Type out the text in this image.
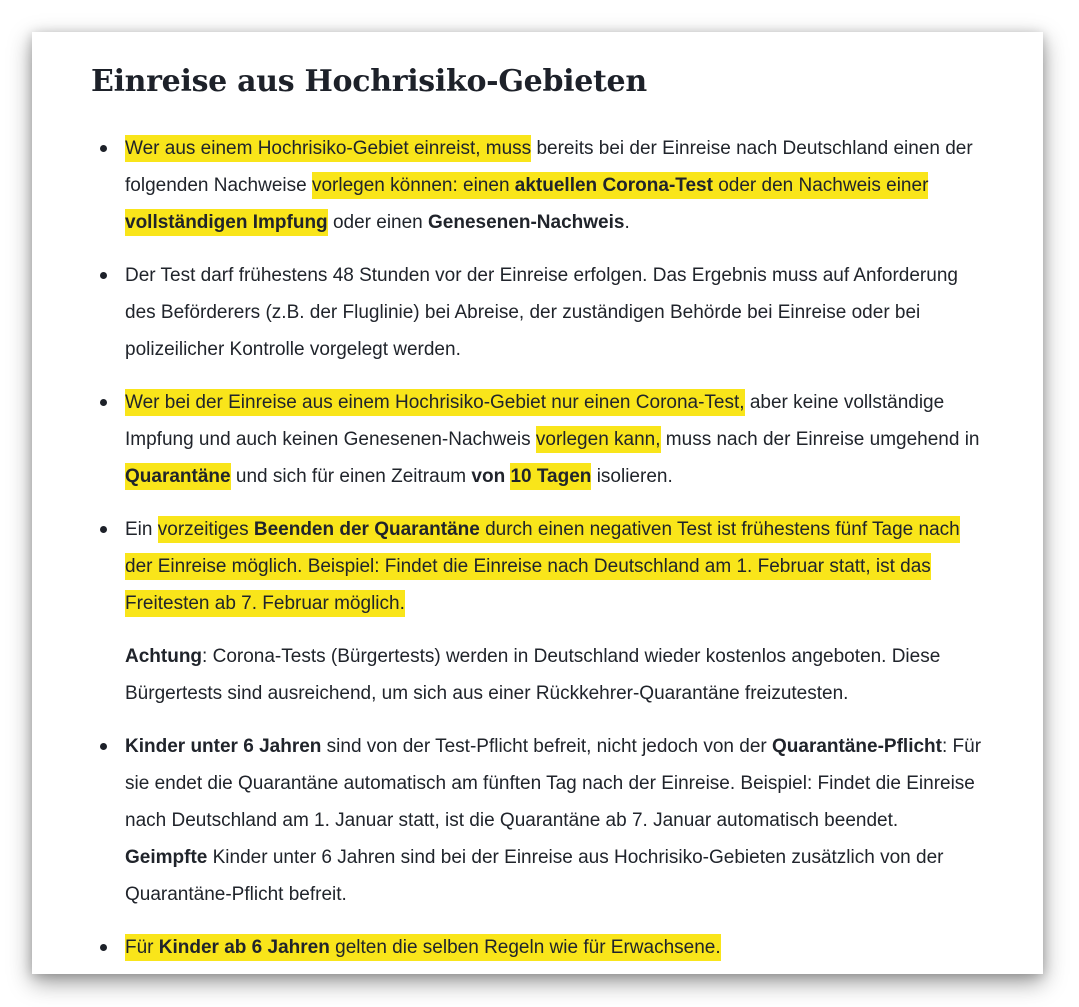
Einreise aus Hochrisiko-Gebieten
Wer aus einem Hochrisiko-Gebiet einreist, muss bereits bei der Einreise nach Deutschland einen der folgenden Nachweise vorlegen können: einen aktuellen Corona-Test oder den Nachweis einer vollständigen Impfung oder einen Genesenen-Nachweis.
Der Test darf frühestens 48 Stunden vor der Einreise erfolgen. Das Ergebnis muss auf Anforderung des Beförderers (z.B. der Fluglinie) bei Abreise, der zuständigen Behörde bei Einreise oder bei polizeilicher Kontrolle vorgelegt werden.
Wer bei der Einreise aus einem Hochrisiko-Gebiet nur einen Corona-Test, aber keine vollständige Impfung und auch keinen Genesenen-Nachweis vorlegen kann, muss nach der Einreise umgehend in Quarantäne und sich für einen Zeitraum von 10 Tagen isolieren.
Ein vorzeitiges Beenden der Quarantäne durch einen negativen Test ist frühestens fünf Tage nach der Einreise möglich. Beispiel: Findet die Einreise nach Deutschland am 1. Februar statt, ist das Freitesten ab 7. Februar möglich.
Achtung: Corona-Tests (Bürgertests) werden in Deutschland wieder kostenlos angeboten. Diese Bürgertests sind ausreichend, um sich aus einer Rückkehrer-Quarantäne freizutesten.
Kinder unter 6 Jahren sind von der Test-Pflicht befreit, nicht jedoch von der Quarantäne-Pflicht: Für sie endet die Quarantäne automatisch am fünften Tag nach der Einreise. Beispiel: Findet die Einreise nach Deutschland am 1. Januar statt, ist die Quarantäne ab 7. Januar automatisch beendet. Geimpfte Kinder unter 6 Jahren sind bei der Einreise aus Hochrisiko-Gebieten zusätzlich von der Quarantäne-Pflicht befreit.
Für Kinder ab 6 Jahren gelten die selben Regeln wie für Erwachsene.
